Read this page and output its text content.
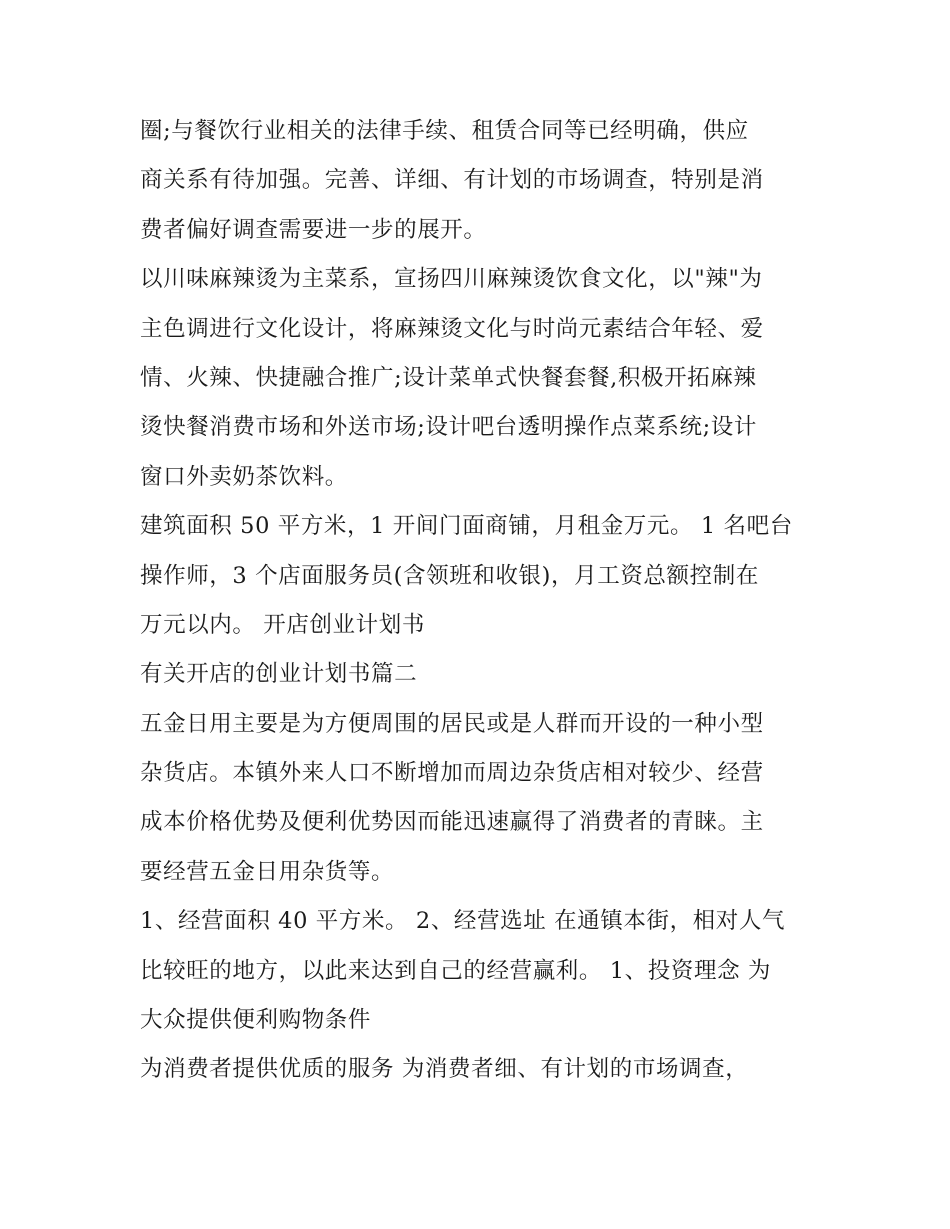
圈;与餐饮行业相关的法律手续、租赁合同等已经明确，供应
商关系有待加强。完善、详细、有计划的市场调查，特别是消
费者偏好调查需要进一步的展开。
以川味麻辣烫为主菜系，宣扬四川麻辣烫饮食文化，以"辣"为
主色调进行文化设计，将麻辣烫文化与时尚元素结合年轻、爱
情、火辣、快捷融合推广;设计菜单式快餐套餐,积极开拓麻辣
烫快餐消费市场和外送市场;设计吧台透明操作点菜系统;设计
窗口外卖奶茶饮料。
建筑面积 50 平方米，1 开间门面商铺，月租金万元。 1 名吧台
操作师，3 个店面服务员(含领班和收银)，月工资总额控制在
万元以内。 开店创业计划书
有关开店的创业计划书篇二
五金日用主要是为方便周围的居民或是人群而开设的一种小型
杂货店。本镇外来人口不断增加而周边杂货店相对较少、经营
成本价格优势及便利优势因而能迅速赢得了消费者的青睐。主
要经营五金日用杂货等。
1、经营面积 40 平方米。 2、经营选址 在通镇本街，相对人气
比较旺的地方，以此来达到自己的经营赢利。 1、投资理念 为
大众提供便利购物条件
为消费者提供优质的服务 为消费者细、有计划的市场调查，
